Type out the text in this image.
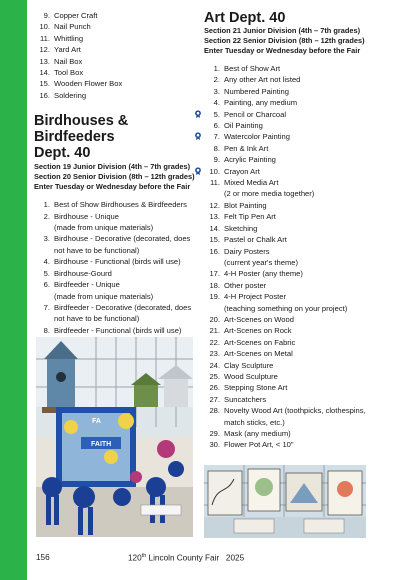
9. Copper Craft
10. Nail Punch
11. Whittling
12. Yard Art
13. Nail Box
14. Tool Box
15. Wooden Flower Box
16. Soldering
Birdhouses & Birdfeeders
Dept. 40
Section 19 Junior Division (4th – 7th grades)
Section 20 Senior Division (8th – 12th grades)
Enter Tuesday or Wednesday before the Fair
1. Best of Show Birdhouses & Birdfeeders
2. Birdhouse - Unique
(made from unique materials)
3. Birdhouse - Decorative (decorated, does
not have to be functional)
4. Birdhouse - Functional (birds will use)
5. Birdhouse-Gourd
6. Birdfeeder - Unique
(made from unique materials)
7. Birdfeeder - Decorative (decorated, does
not have to be functional)
8. Birdfeeder - Functional (birds will use)
Art Dept. 40
Section 21 Junior Division (4th – 7th grades)
Section 22 Senior Division (8th – 12th grades)
Enter Tuesday or Wednesday before the Fair
1. Best of Show Art
2. Any other Art not listed
3. Numbered Painting
4. Painting, any medium
5. Pencil or Charcoal
6. Oil Painting
7. Watercolor Painting
8. Pen & Ink Art
9. Acrylic Painting
10. Crayon Art
11. Mixed Media Art
(2 or more media together)
12. Blot Painting
13. Felt Tip Pen Art
14. Sketching
15. Pastel or Chalk Art
16. Dairy Posters
(current year's theme)
17. 4-H Poster (any theme)
18. Other poster
19. 4-H Project Poster
(teaching something on your project)
20. Art-Scenes on Wood
21. Art-Scenes on Rock
22. Art-Scenes on Fabric
23. Art-Scenes on Metal
24. Clay Sculpture
25. Wood Sculpture
26. Stepping Stone Art
27. Suncatchers
28. Novelty Wood Art (toothpicks, clothespins,
match sticks, etc.)
29. Mask (any medium)
30. Flower Pot Art, < 10"
FA
FAITH
156	120th Lincoln County Fair 2025
